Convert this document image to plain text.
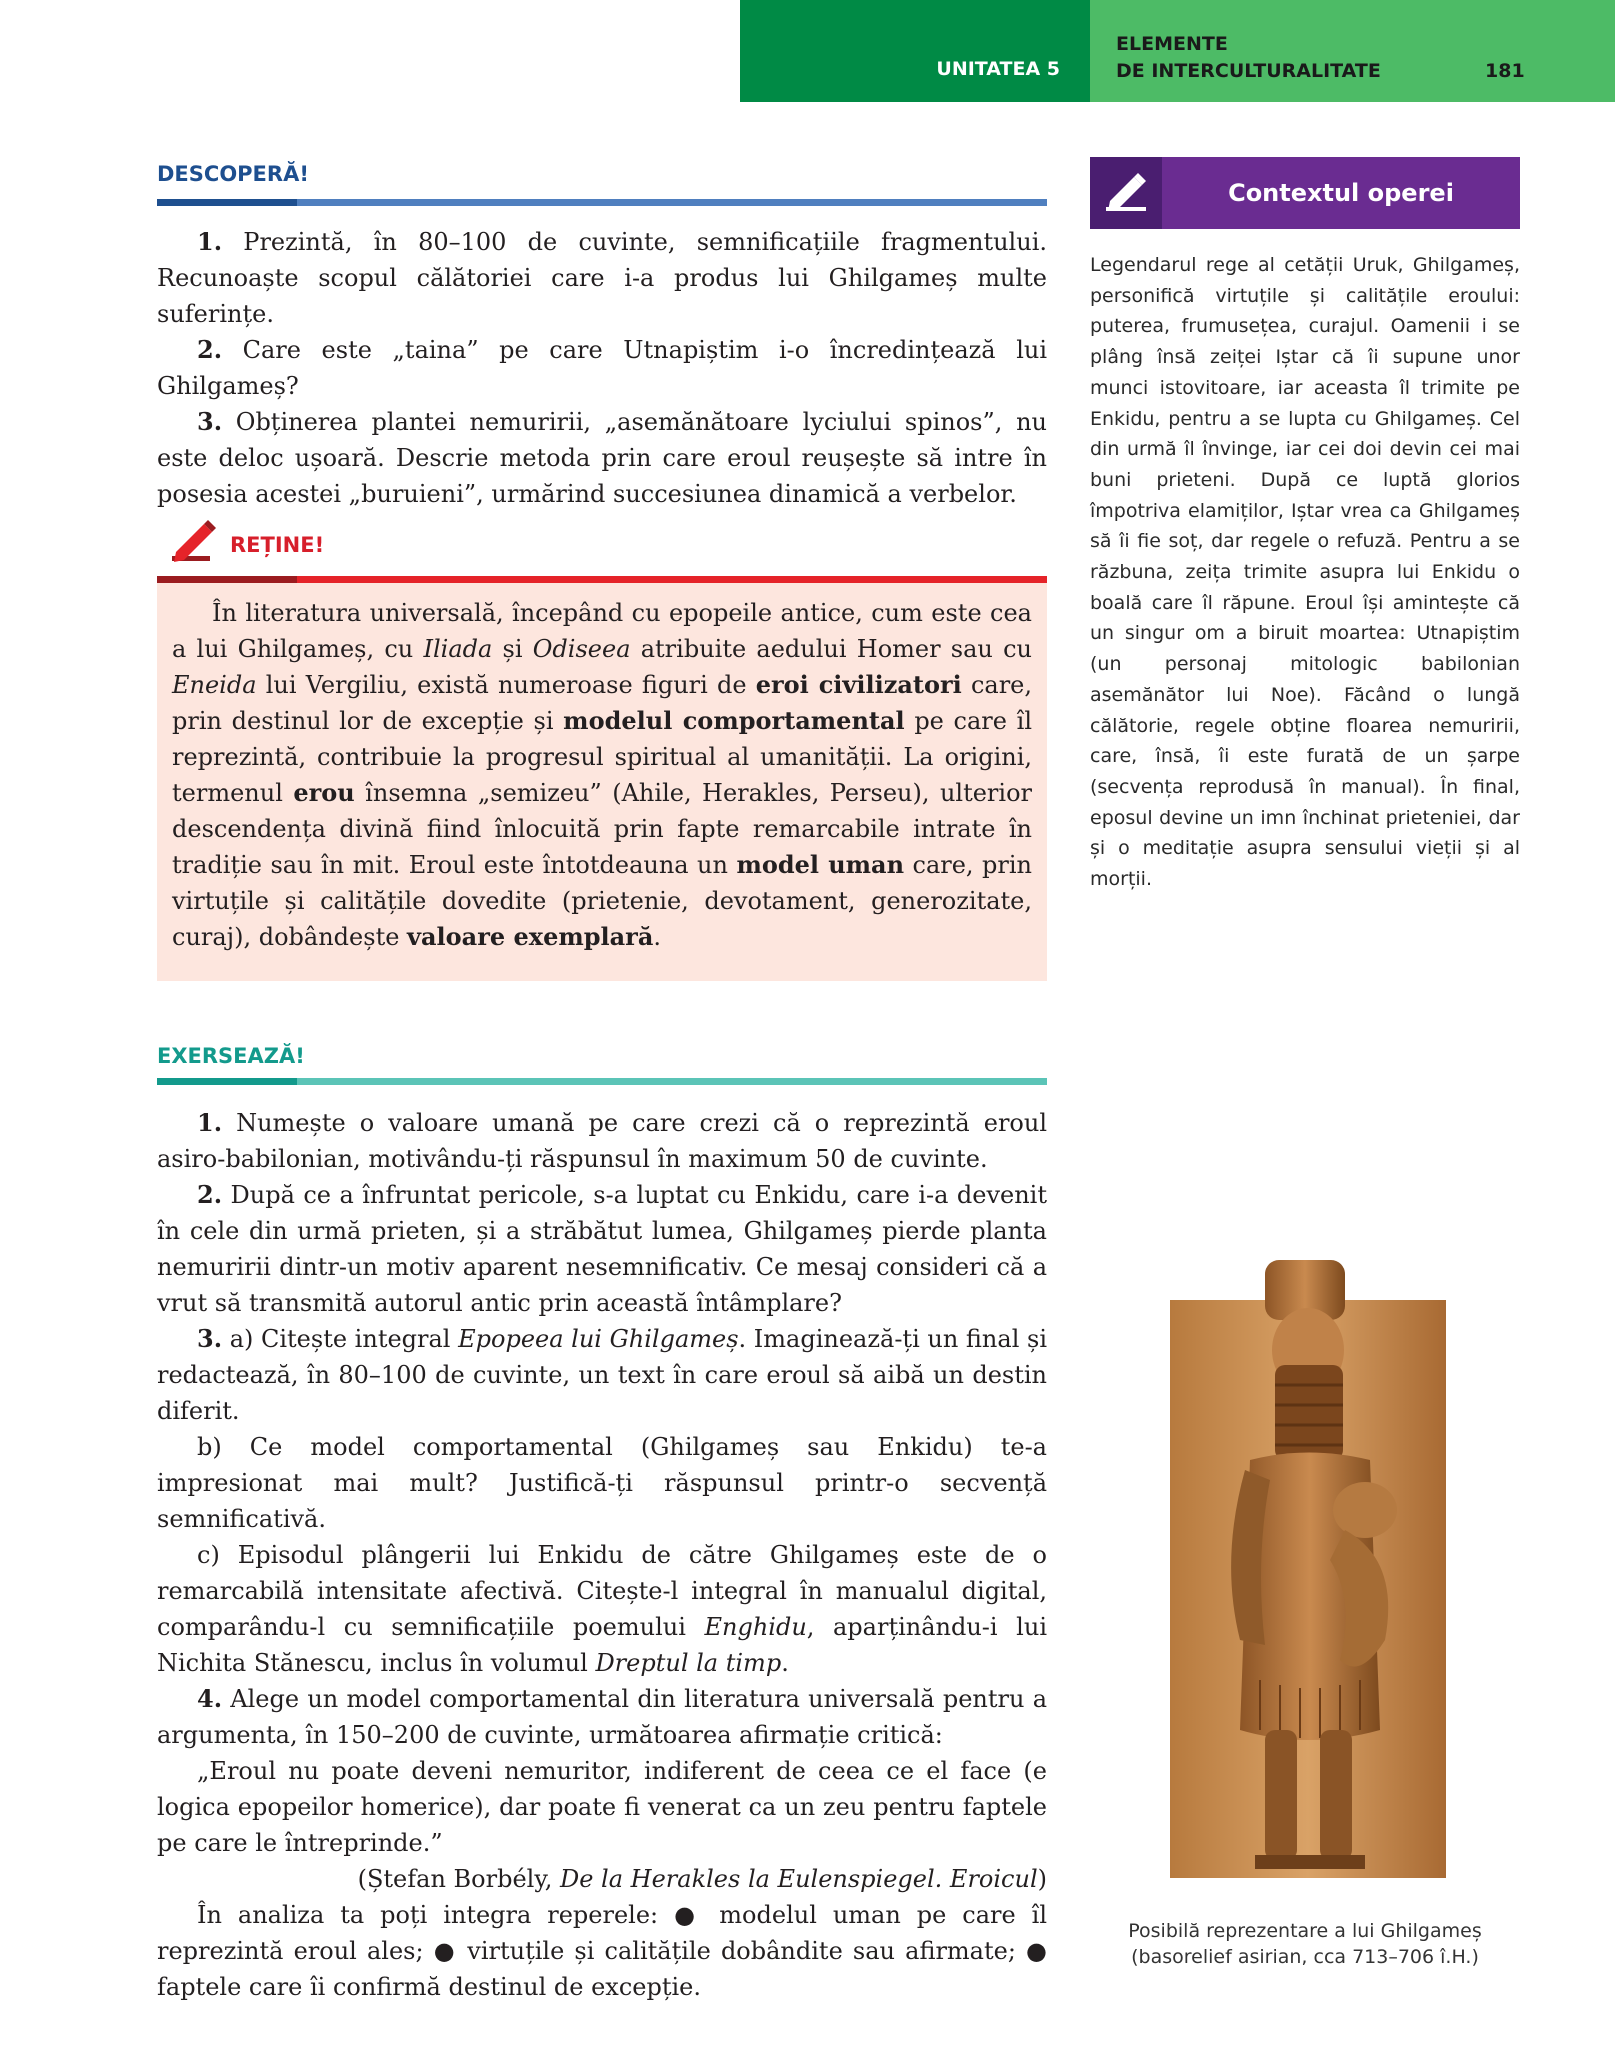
UNITATEA 5
ELEMENTE
DE INTERCULTURALITATE	181
DESCOPERĂ!

1. Prezintă, în 80–100 de cuvinte, semnificațiile fragmentului. Recunoaște scopul călătoriei care i-a produs lui Ghilgameș multe suferințe.

2. Care este „taina” pe care Utnapiștim i-o încredințează lui Ghilgameș?

3. Obținerea plantei nemuririi, „asemănătoare lyciului spinos”, nu este deloc ușoară. Descrie metoda prin care eroul reușește să intre în posesia acestei „buruieni”, urmărind succesiunea dinamică a verbelor.

REȚINE!

În literatura universală, începând cu epopeile antice, cum este cea a lui Ghilgameș, cu Iliada și Odiseea atribuite aedului Homer sau cu Eneida lui Vergiliu, există numeroase figuri de eroi civilizatori care, prin destinul lor de excepție și modelul comportamental pe care îl reprezintă, contribuie la progresul spiritual al umanității. La origini, termenul erou însemna „semizeu” (Ahile, Herakles, Perseu), ulterior descendența divină fiind înlocuită prin fapte remarcabile intrate în tradiție sau în mit. Eroul este întotdeauna un model uman care, prin virtuțile și calitățile dovedite (prietenie, devotament, generozitate, curaj), dobândește valoare exemplară.

EXERSEAZĂ!

1. Numește o valoare umană pe care crezi că o reprezintă eroul asiro-babilonian, motivându-ți răspunsul în maximum 50 de cuvinte.

2. După ce a înfruntat pericole, s-a luptat cu Enkidu, care i-a devenit în cele din urmă prieten, și a străbătut lumea, Ghilgameș pierde planta nemuririi dintr-un motiv aparent nesemnificativ. Ce mesaj consideri că a vrut să transmită autorul antic prin această întâmplare?

3. a) Citește integral Epopeea lui Ghilgameș. Imaginează-ți un final și redactează, în 80–100 de cuvinte, un text în care eroul să aibă un destin diferit.

b) Ce model comportamental (Ghilgameș sau Enkidu) te-a impresionat mai mult? Justifică-ți răspunsul printr-o secvență semnificativă.

c) Episodul plângerii lui Enkidu de către Ghilgameș este de o remarcabilă intensitate afectivă. Citește-l integral în manualul digital, comparându-l cu semnificațiile poemului Enghidu, aparținându-i lui Nichita Stănescu, inclus în volumul Dreptul la timp.

4. Alege un model comportamental din literatura universală pentru a argumenta, în 150–200 de cuvinte, următoarea afirmație critică:

„Eroul nu poate deveni nemuritor, indiferent de ceea ce el face (e logica epopeilor homerice), dar poate fi venerat ca un zeu pentru faptele pe care le întreprinde.”

(Ștefan Borbély, De la Herakles la Eulenspiegel. Eroicul)

În analiza ta poți integra reperele: ● modelul uman pe care îl reprezintă eroul ales; ● virtuțile și calitățile dobândite sau afirmate; ● faptele care îi confirmă destinul de excepție.

Contextul operei

Legendarul rege al cetății Uruk, Ghilgameș, personifică virtuțile și calitățile eroului: puterea, frumusețea, curajul. Oamenii i se plâng însă zeiței Iștar că îi supune unor munci istovitoare, iar aceasta îl trimite pe Enkidu, pentru a se lupta cu Ghilgameș. Cel din urmă îl învinge, iar cei doi devin cei mai buni prieteni. După ce luptă glorios împotriva elamiților, Iștar vrea ca Ghilgameș să îi fie soț, dar regele o refuză. Pentru a se răzbuna, zeița trimite asupra lui Enkidu o boală care îl răpune. Eroul își amintește că un singur om a biruit moartea: Utnapiștim (un personaj mitologic babilonian asemănător lui Noe). Făcând o lungă călătorie, regele obține floarea nemuririi, care, însă, îi este furată de un șarpe (secvența reprodusă în manual). În final, eposul devine un imn închinat prieteniei, dar și o meditație asupra sensului vieții și al morții.

Posibilă reprezentare a lui Ghilgameș
(basorelief asirian, cca 713–706 î.H.)
